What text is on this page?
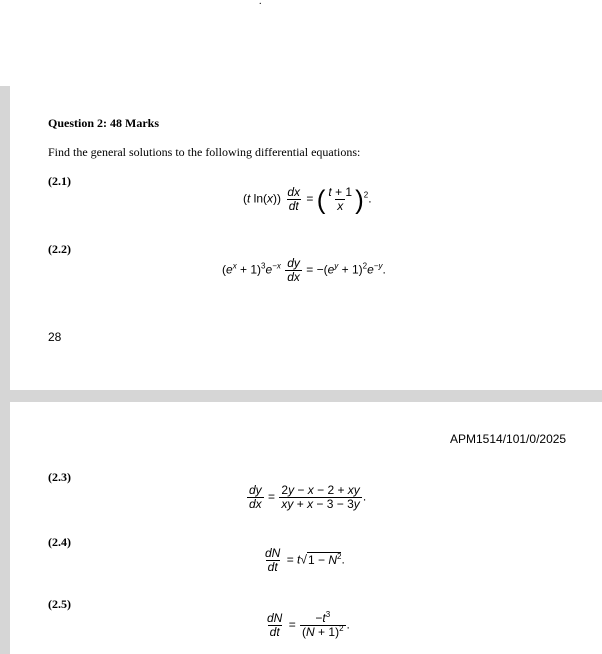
.
Question 2: 48 Marks
Find the general solutions to the following differential equations:
(2.1)
(t $\ln(x)) \frac{dx}{dt}$ = ( $\frac{t + 1}{x} )^2$.
(2.2)
$(e^x + 1)^3e^{-x} \frac{dy}{dx} = -(e^y + 1)^2e^{-y}$.
28
APM1514/101/0/2025
(2.3)
$\frac{dy}{dx} = \frac{2y - x - 2 + xy}{xy + x - 3 - 3y}$ .
(2.4)
$\frac{dN}{dt} = t√1 - N^2$.
(2.5)
$\frac{dN}{dt} = \frac{-t^3}{(N + 1)^2}$ .
